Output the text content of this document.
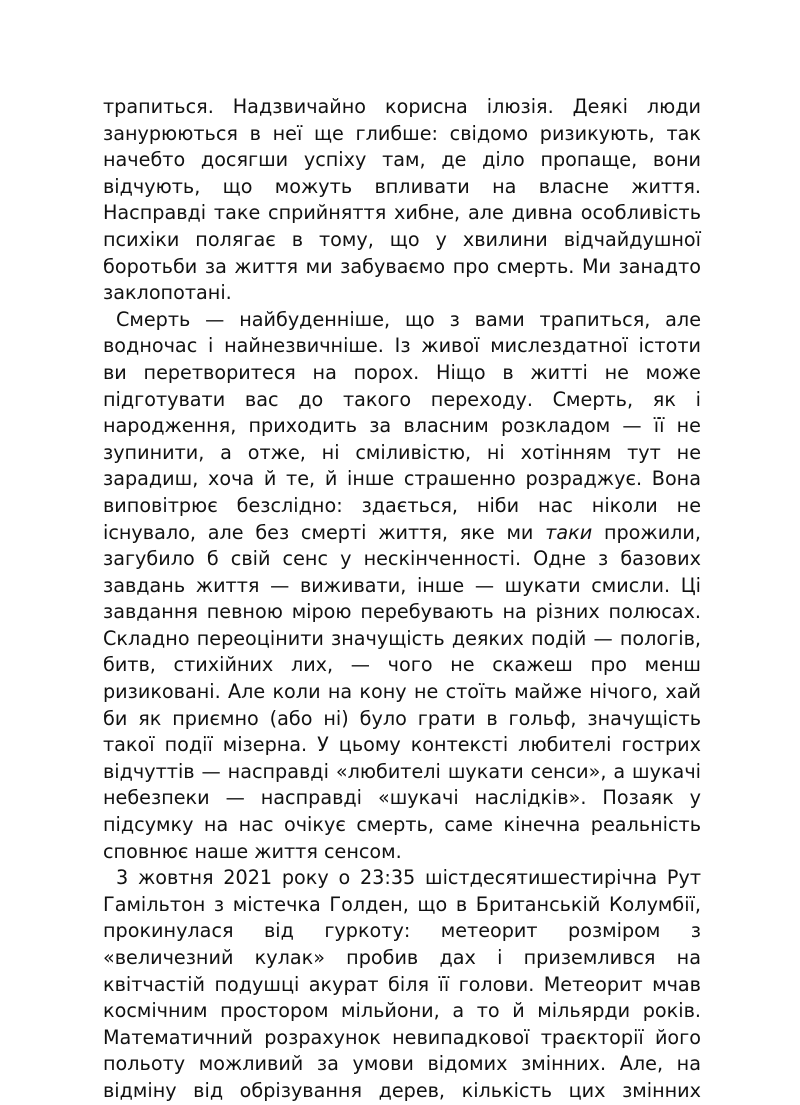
трапиться. Надзвичайно корисна ілюзія. Деякі люди занурюються в неї ще глибше: свідомо ризикують, так начебто досягши успіху там, де діло пропаще, вони відчують, що можуть впливати на власне життя. Насправді таке сприйняття хибне, але дивна особливість психіки полягає в тому, що у хвилини відчайдушної боротьби за життя ми забуваємо про смерть. Ми занадто заклопотані.

Смерть — найбуденніше, що з вами трапиться, але водночас і найнезвичніше. Із живої мислездатної істоти ви перетворитеся на порох. Ніщо в житті не може підготувати вас до такого переходу. Смерть, як і народження, приходить за власним розкладом — її не зупинити, а отже, ні сміливістю, ні хотінням тут не зарадиш, хоча й те, й інше страшенно розраджує. Вона виповітрює безслідно: здається, ніби нас ніколи не існувало, але без смерті життя, яке ми таки прожили, загубило б свій сенс у нескінченності. Одне з базових завдань життя — виживати, інше — шукати смисли. Ці завдання певною мірою перебувають на різних полюсах. Складно переоцінити значущість деяких подій — пологів, битв, стихійних лих, — чого не скажеш про менш ризиковані. Але коли на кону не стоїть майже нічого, хай би як приємно (або ні) було грати в гольф, значущість такої події мізерна. У цьому контексті любителі гострих відчуттів — насправді «любителі шукати сенси», а шукачі небезпеки — насправді «шукачі наслідків». Позаяк у підсумку на нас очікує смерть, саме кінечна реальність сповнює наше життя сенсом.

3 жовтня 2021 року о 23:35 шістдесятишестирічна Рут Гамільтон з містечка Голден, що в Британській Колумбії, прокинулася від гуркоту: метеорит розміром з «величезний кулак» пробив дах і приземлився на квітчастій подушці акурат біля її голови. Метеорит мчав космічним простором мільйони, а то й мільярди років. Математичний розрахунок невипадкової траєкторії його польоту можливий за умови відомих змінних. Але, на відміну від обрізування дерев, кількість цих змінних
